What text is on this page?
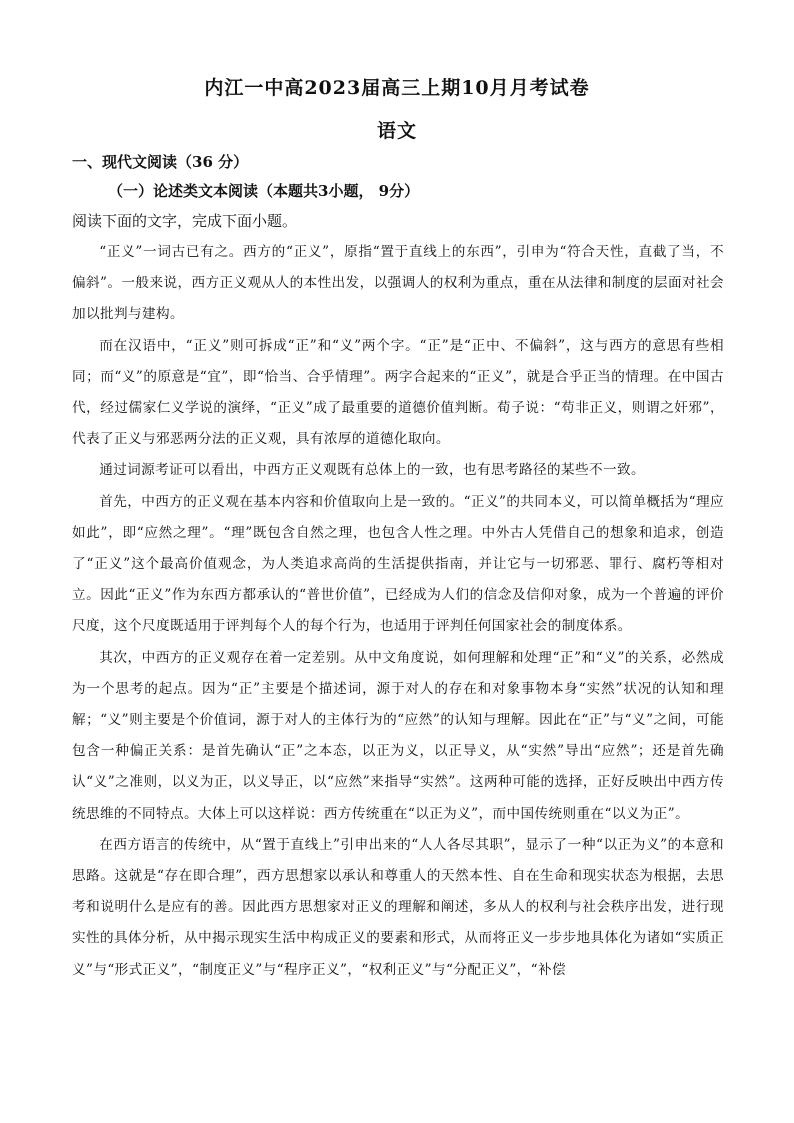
内江一中高2023届高三上期10月月考试卷
语文
一、现代文阅读（36 分）
（一）论述类文本阅读（本题共3小题， 9分）
阅读下面的文字，完成下面小题。

“正义”一词古已有之。西方的“正义”，原指“置于直线上的东西”，引申为“符合天性，直截了当，不偏斜”。一般来说，西方正义观从人的本性出发，以强调人的权利为重点，重在从法律和制度的层面对社会加以批判与建构。

而在汉语中，“正义”则可拆成“正”和“义”两个字。“正”是“正中、不偏斜”，这与西方的意思有些相同；而“义”的原意是“宜”，即“恰当、合乎情理”。两字合起来的“正义”，就是合乎正当的情理。在中国古代，经过儒家仁义学说的演绎，“正义”成了最重要的道德价值判断。荀子说：“苟非正义，则谓之奸邪”，代表了正义与邪恶两分法的正义观，具有浓厚的道德化取向。

通过词源考证可以看出，中西方正义观既有总体上的一致，也有思考路径的某些不一致。

首先，中西方的正义观在基本内容和价值取向上是一致的。“正义”的共同本义，可以简单概括为“理应如此”，即“应然之理”。“理”既包含自然之理，也包含人性之理。中外古人凭借自己的想象和追求，创造了“正义”这个最高价值观念，为人类追求高尚的生活提供指南，并让它与一切邪恶、罪行、腐朽等相对立。因此“正义”作为东西方都承认的“普世价值”，已经成为人们的信念及信仰对象，成为一个普遍的评价尺度，这个尺度既适用于评判每个人的每个行为，也适用于评判任何国家社会的制度体系。

其次，中西方的正义观存在着一定差别。从中文角度说，如何理解和处理“正”和“义”的关系，必然成为一个思考的起点。因为“正”主要是个描述词，源于对人的存在和对象事物本身“实然”状况的认知和理解；“义”则主要是个价值词，源于对人的主体行为的“应然”的认知与理解。因此在“正”与“义”之间，可能包含一种偏正关系：是首先确认“正”之本态，以正为义，以正导义，从“实然”导出“应然”；还是首先确认“义”之准则，以义为正，以义导正，以“应然”来指导“实然”。这两种可能的选择，正好反映出中西方传统思维的不同特点。大体上可以这样说：西方传统重在“以正为义”，而中国传统则重在“以义为正”。

在西方语言的传统中，从“置于直线上”引申出来的“人人各尽其职”，显示了一种“以正为义”的本意和思路。这就是“存在即合理”，西方思想家以承认和尊重人的天然本性、自在生命和现实状态为根据，去思考和说明什么是应有的善。因此西方思想家对正义的理解和阐述，多从人的权利与社会秩序出发，进行现实性的具体分析，从中揭示现实生活中构成正义的要素和形式，从而将正义一步步地具体化为诸如“实质正义”与“形式正义”，“制度正义”与“程序正义”，“权利正义”与“分配正义”，“补偿
